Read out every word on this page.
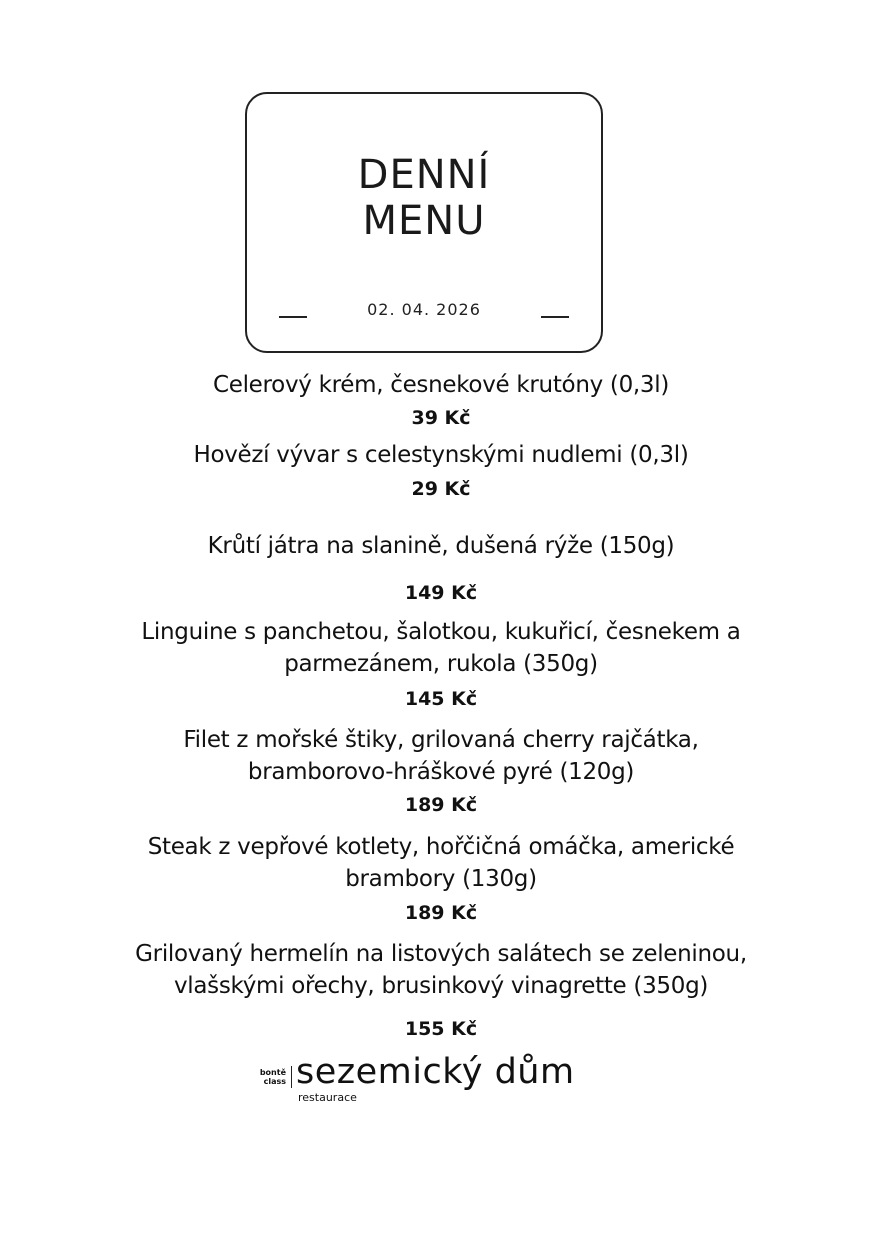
DENNÍ
MENU
02. 04. 2026
Celerový krém, česnekové krutóny (0,3l)
39 Kč
Hovězí vývar s celestynskými nudlemi (0,3l)
29 Kč
Krůtí játra na slanině, dušená rýže (150g)
149 Kč
Linguine s panchetou, šalotkou, kukuřicí, česnekem a
parmezánem, rukola (350g)
145 Kč
Filet z mořské štiky, grilovaná cherry rajčátka,
bramborovo-hráškové pyré (120g)
189 Kč
Steak z vepřové kotlety, hořčičná omáčka, americké
brambory (130g)
189 Kč
Grilovaný hermelín na listových salátech se zeleninou,
vlašskými ořechy, brusinkový vinagrette (350g)
155 Kč
bontě
class sezemický dům
restaurace
